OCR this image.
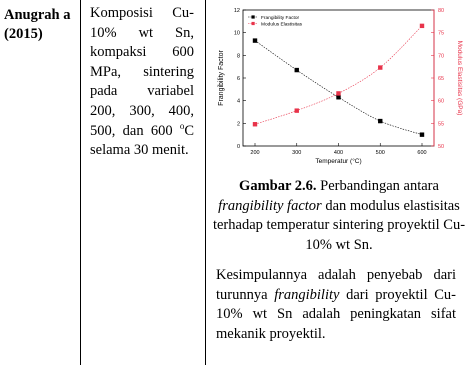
Anugrah a (2015)
Komposisi Cu-10% wt Sn, kompaksi 600 MPa, sintering pada variabel 200, 300, 400, 500, dan 600 $^o$C selama 30 menit.	0
2
4
6
8
10
12
50
55
60
65
70
75
80
200	300	400	500	600
Temperatur (°C)
Frangibility Factor	Modulus Elastisitas (GPa)
Frangibility Factor
Modulus Elastisitas
Gambar 2.6. Perbandingan antara frangibility factor dan modulus elastisitas terhadap temperatur sintering proyektil Cu-10% wt Sn.
Kesimpulannya adalah penyebab dari turunnya frangibility dari proyektil Cu-10% wt Sn adalah peningkatan sifat mekanik proyektil.
